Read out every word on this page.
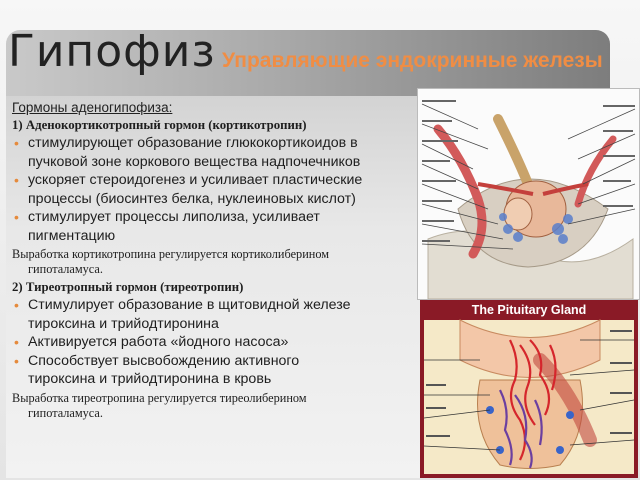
Гипофиз Управляющие эндокринные железы
Гормоны аденогипофиза:
1) Аденокортикотропный гормон (кортикотропин)
• стимулирующет образование глюкокортикоидов в
пучковой зоне коркового вещества надпочечников
• ускоряет стероидогенез и усиливает пластические
процессы (биосинтез белка, нуклеиновых кислот)
• стимулирует процессы липолиза, усиливает
пигментацию
Выработка кортикотропина регулируется кортиколиберином
гипоталамуса.
2) Тиреотропный гормон (тиреотропин)
• Стимулирует образование в щитовидной железе
тироксина и трийодтиронина
• Активируется работа «йодного насоса»
• Способствует высвобождению активного
тироксина и трийодтиронина в кровь
Выработка тиреотропина регулируется тиреолиберином
гипоталамуса.
The Pituitary Gland
